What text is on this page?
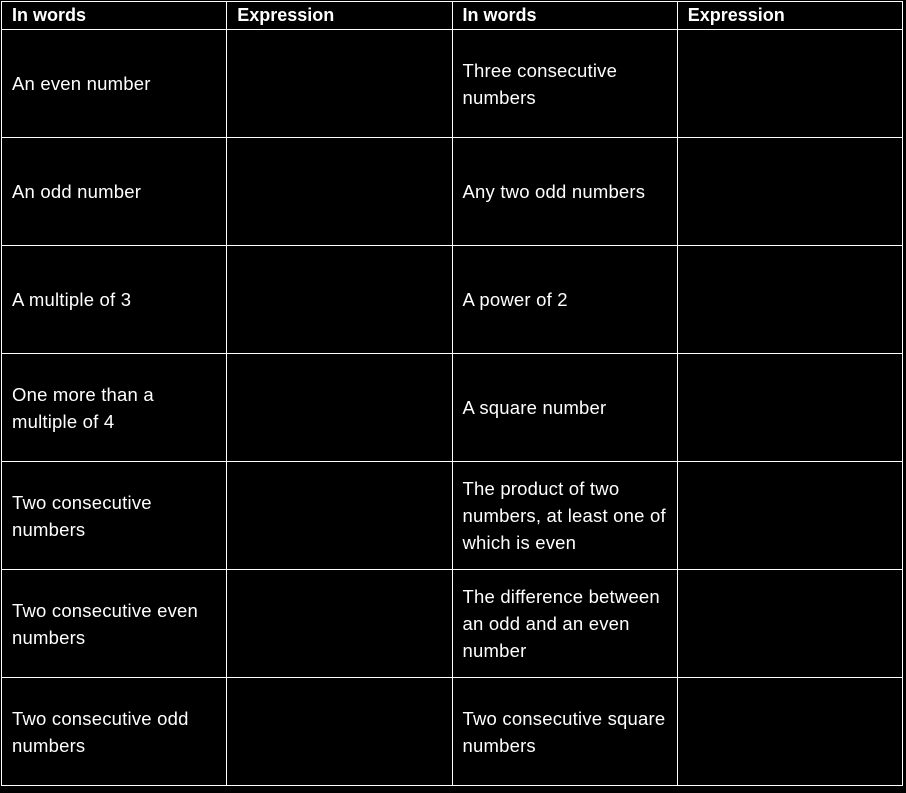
In words	Expression	In words	Expression
An even number		Three consecutive numbers	
An odd number		Any two odd numbers	
A multiple of 3		A power of 2	
One more than a multiple of 4		A square number	
Two consecutive numbers		The product of two numbers, at least one of which is even	
Two consecutive even numbers		The difference between an odd and an even number	
Two consecutive odd numbers		Two consecutive square numbers	
